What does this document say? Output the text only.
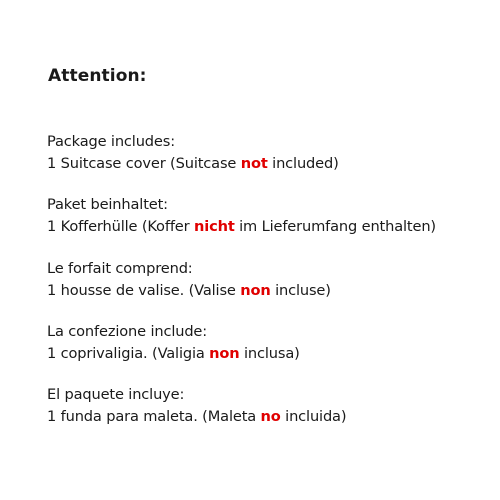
Attention:
Package includes:
1 Suitcase cover (Suitcase not included)
Paket beinhaltet:
1 Kofferhülle (Koffer nicht im Lieferumfang enthalten)
Le forfait comprend:
1 housse de valise. (Valise non incluse)
La confezione include:
1 coprivaligia. (Valigia non inclusa)
El paquete incluye:
1 funda para maleta. (Maleta no incluida)
